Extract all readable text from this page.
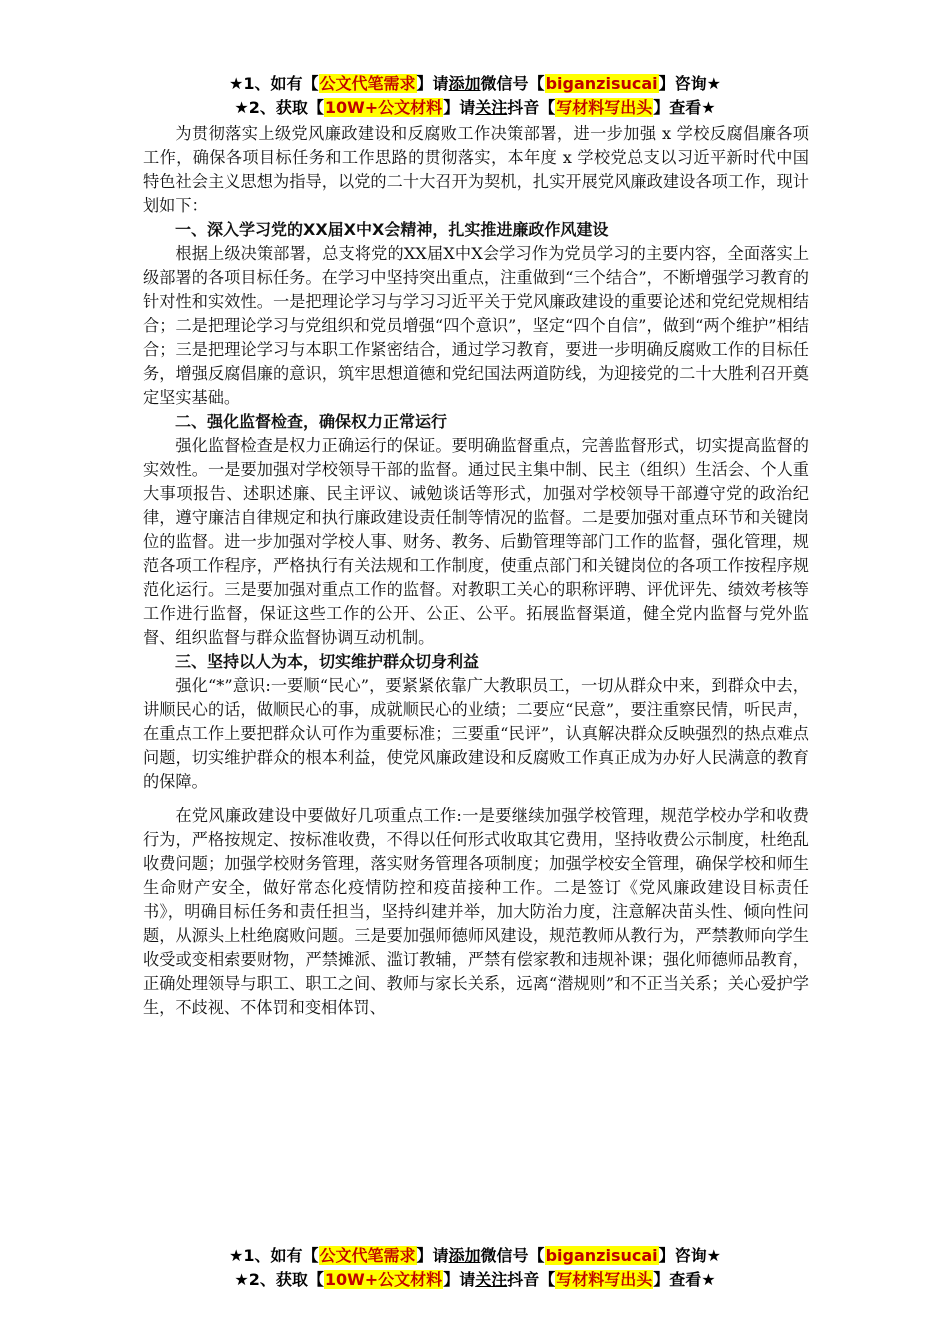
★1、如有【公文代笔需求】请添加微信号【biganzisucai】咨询★
★2、获取【10W+公文材料】请关注抖音【写材料写出头】查看★

为贯彻落实上级党风廉政建设和反腐败工作决策部署，进一步加强 x 学校反腐倡廉各项工作，确保各项目标任务和工作思路的贯彻落实，本年度 x 学校党总支以习近平新时代中国特色社会主义思想为指导，以党的二十大召开为契机，扎实开展党风廉政建设各项工作，现计划如下：

一、深入学习党的XX届X中X会精神，扎实推进廉政作风建设

根据上级决策部署，总支将党的XX届X中X会学习作为党员学习的主要内容，全面落实上级部署的各项目标任务。在学习中坚持突出重点，注重做到“三个结合”，不断增强学习教育的针对性和实效性。一是把理论学习与学习习近平关于党风廉政建设的重要论述和党纪党规相结合；二是把理论学习与党组织和党员增强“四个意识”，坚定“四个自信”，做到“两个维护”相结合；三是把理论学习与本职工作紧密结合，通过学习教育，要进一步明确反腐败工作的目标任务，增强反腐倡廉的意识，筑牢思想道德和党纪国法两道防线，为迎接党的二十大胜利召开奠定坚实基础。

二、强化监督检查，确保权力正常运行

强化监督检查是权力正确运行的保证。要明确监督重点，完善监督形式，切实提高监督的实效性。一是要加强对学校领导干部的监督。通过民主集中制、民主（组织）生活会、个人重大事项报告、述职述廉、民主评议、诫勉谈话等形式，加强对学校领导干部遵守党的政治纪律，遵守廉洁自律规定和执行廉政建设责任制等情况的监督。二是要加强对重点环节和关键岗位的监督。进一步加强对学校人事、财务、教务、后勤管理等部门工作的监督，强化管理，规范各项工作程序，严格执行有关法规和工作制度，使重点部门和关键岗位的各项工作按程序规范化运行。三是要加强对重点工作的监督。对教职工关心的职称评聘、评优评先、绩效考核等工作进行监督，保证这些工作的公开、公正、公平。拓展监督渠道，健全党内监督与党外监督、组织监督与群众监督协调互动机制。

三、坚持以人为本，切实维护群众切身利益

强化“*”意识:一要顺“民心”，要紧紧依靠广大教职员工，一切从群众中来，到群众中去，讲顺民心的话，做顺民心的事，成就顺民心的业绩；二要应“民意”，要注重察民情，听民声，在重点工作上要把群众认可作为重要标准；三要重“民评”，认真解决群众反映强烈的热点难点问题，切实维护群众的根本利益，使党风廉政建设和反腐败工作真正成为办好人民满意的教育的保障。

在党风廉政建设中要做好几项重点工作:一是要继续加强学校管理，规范学校办学和收费行为，严格按规定、按标准收费，不得以任何形式收取其它费用，坚持收费公示制度，杜绝乱收费问题；加强学校财务管理，落实财务管理各项制度；加强学校安全管理，确保学校和师生生命财产安全，做好常态化疫情防控和疫苗接种工作。二是签订《党风廉政建设目标责任书》，明确目标任务和责任担当，坚持纠建并举，加大防治力度，注意解决苗头性、倾向性问题，从源头上杜绝腐败问题。三是要加强师德师风建设，规范教师从教行为，严禁教师向学生收受或变相索要财物，严禁摊派、滥订教辅，严禁有偿家教和违规补课；强化师德师品教育，正确处理领导与职工、职工之间、教师与家长关系，远离“潜规则”和不正当关系；关心爱护学生，不歧视、不体罚和变相体罚、

★1、如有【公文代笔需求】请添加微信号【biganzisucai】咨询★
★2、获取【10W+公文材料】请关注抖音【写材料写出头】查看★
